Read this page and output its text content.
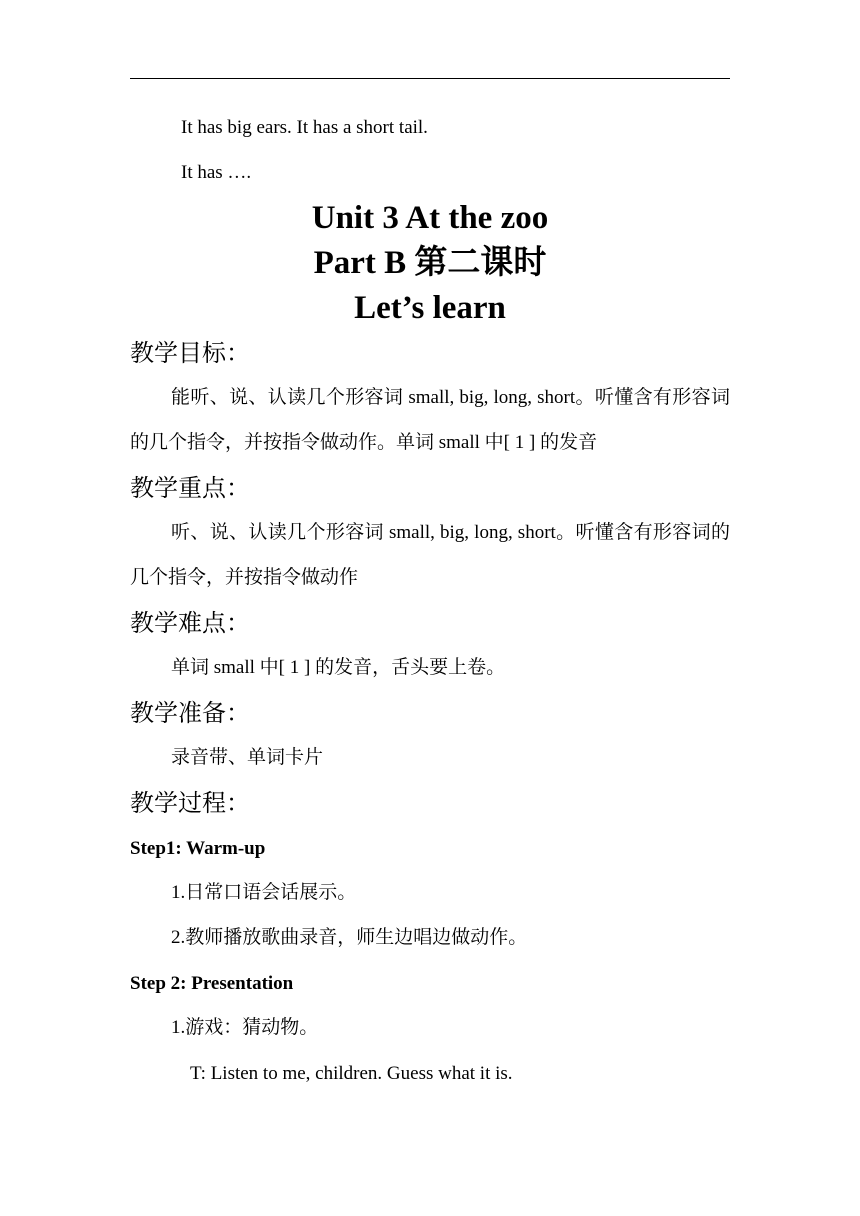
It has big ears. It has a short tail.
It has ….
Unit 3 At the zoo
Part B 第二课时
Let’s learn
教学目标：
能听、说、认读几个形容词 small, big, long, short。听懂含有形容词的几个指令，并按指令做动作。单词 small 中[ 1 ] 的发音
教学重点：
听、说、认读几个形容词 small, big, long, short。听懂含有形容词的几个指令，并按指令做动作
教学难点：
单词 small 中[ 1 ] 的发音，舌头要上卷。
教学准备：
录音带、单词卡片
教学过程：
Step1: Warm-up
1.日常口语会话展示。
2.教师播放歌曲录音，师生边唱边做动作。
Step 2: Presentation
1.游戏：猜动物。
T: Listen to me, children. Guess what it is.
